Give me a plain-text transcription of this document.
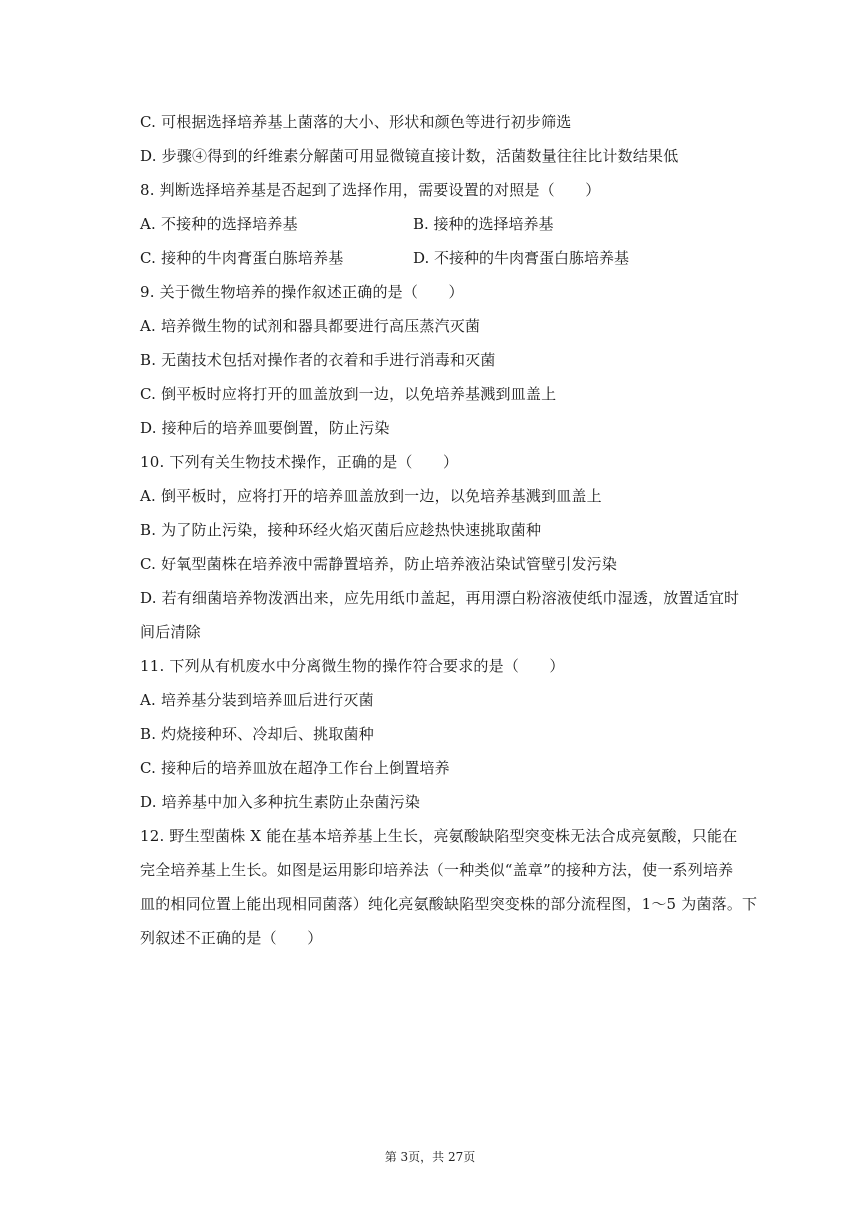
C. 可根据选择培养基上菌落的大小、形状和颜色等进行初步筛选
D. 步骤④得到的纤维素分解菌可用显微镜直接计数，活菌数量往往比计数结果低
8. 判断选择培养基是否起到了选择作用，需要设置的对照是（　　）
A. 不接种的选择培养基	B. 接种的选择培养基
C. 接种的牛肉膏蛋白胨培养基	D. 不接种的牛肉膏蛋白胨培养基
9. 关于微生物培养的操作叙述正确的是（　　）
A. 培养微生物的试剂和器具都要进行高压蒸汽灭菌
B. 无菌技术包括对操作者的衣着和手进行消毒和灭菌
C. 倒平板时应将打开的皿盖放到一边，以免培养基溅到皿盖上
D. 接种后的培养皿要倒置，防止污染
10. 下列有关生物技术操作，正确的是（　　）
A. 倒平板时，应将打开的培养皿盖放到一边，以免培养基溅到皿盖上
B. 为了防止污染，接种环经火焰灭菌后应趁热快速挑取菌种
C. 好氧型菌株在培养液中需静置培养，防止培养液沾染试管壁引发污染
D. 若有细菌培养物泼洒出来，应先用纸巾盖起，再用漂白粉溶液使纸巾湿透，放置适宜时
间后清除
11. 下列从有机废水中分离微生物的操作符合要求的是（　　）
A. 培养基分装到培养皿后进行灭菌
B. 灼烧接种环、冷却后、挑取菌种
C. 接种后的培养皿放在超净工作台上倒置培养
D. 培养基中加入多种抗生素防止杂菌污染
12. 野生型菌株 X 能在基本培养基上生长，亮氨酸缺陷型突变株无法合成亮氨酸，只能在
完全培养基上生长。如图是运用影印培养法（一种类似“盖章”的接种方法，使一系列培养
皿的相同位置上能出现相同菌落）纯化亮氨酸缺陷型突变株的部分流程图，1～5 为菌落。下
列叙述不正确的是（　　）
第 3页，共 27页
